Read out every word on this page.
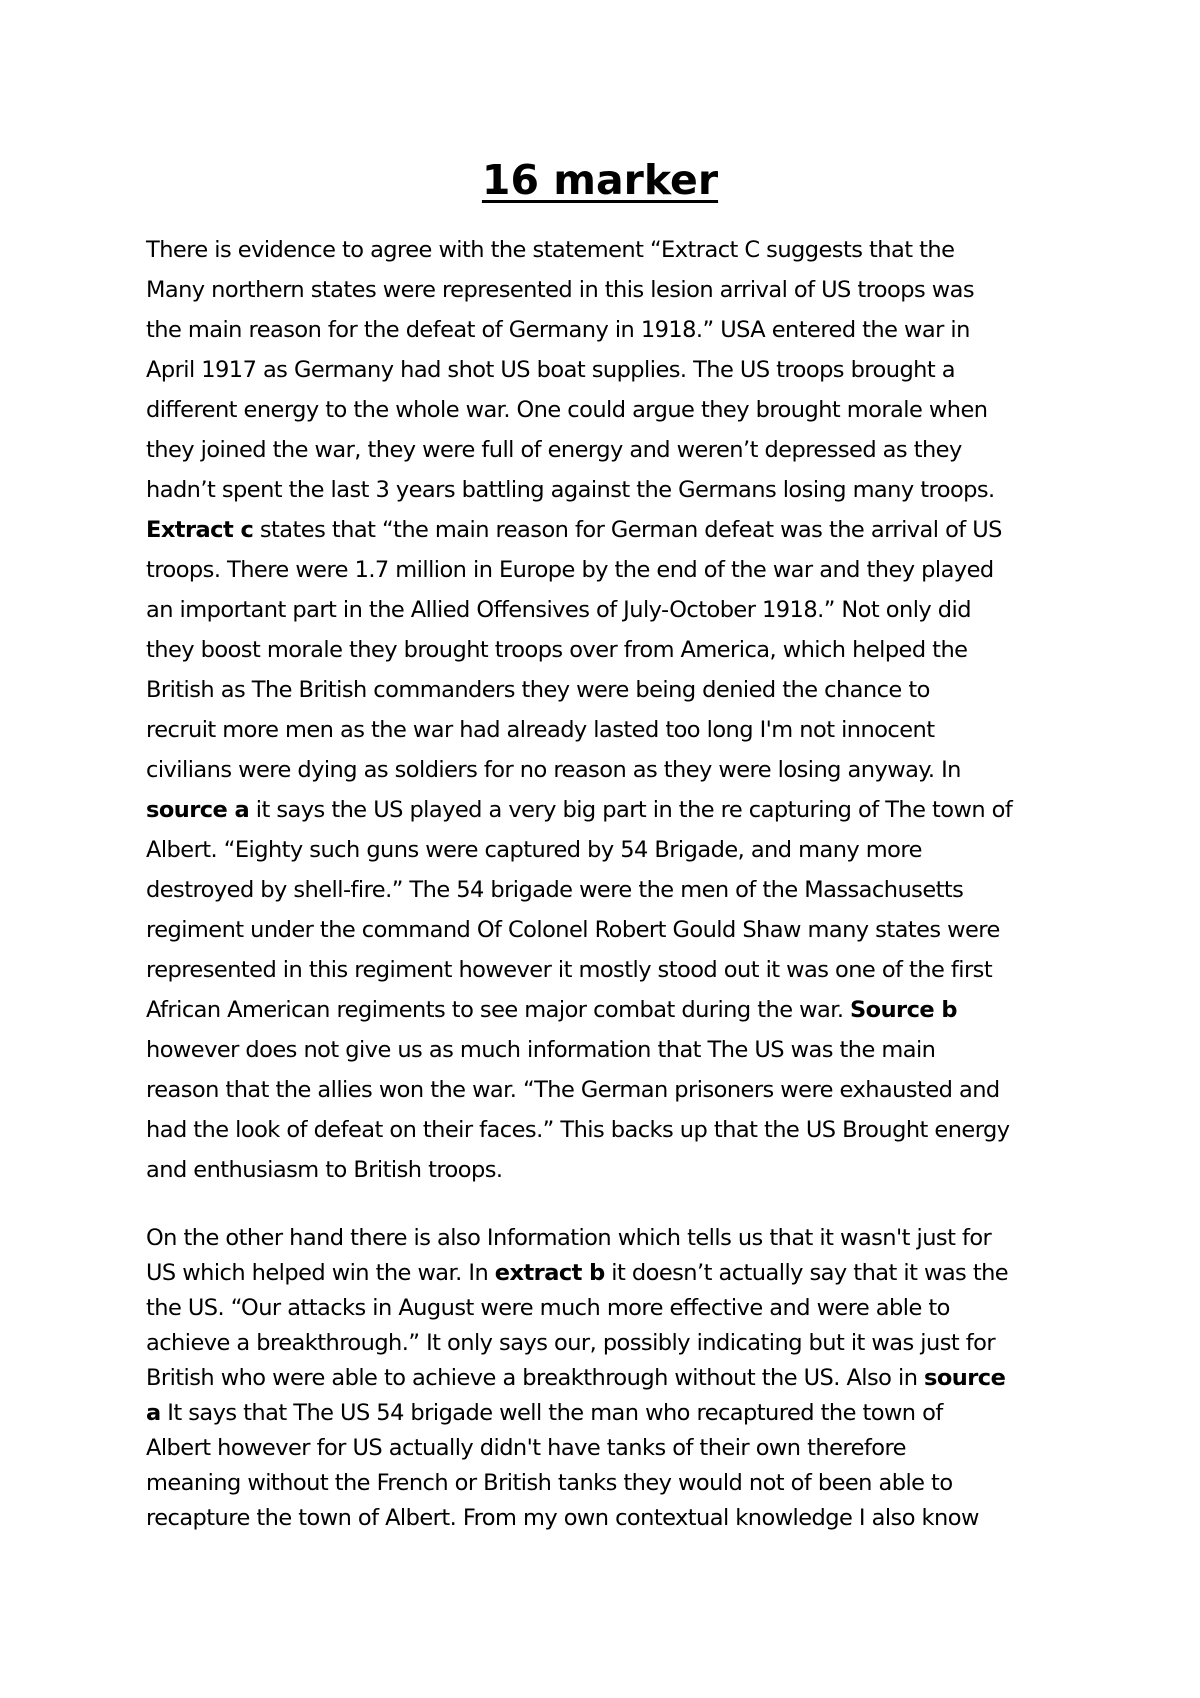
16 marker
There is evidence to agree with the statement “Extract C suggests that the
Many northern states were represented in this lesion arrival of US troops was
the main reason for the defeat of Germany in 1918.” USA entered the war in
April 1917 as Germany had shot US boat supplies. The US troops brought a
different energy to the whole war. One could argue they brought morale when
they joined the war, they were full of energy and weren’t depressed as they
hadn’t spent the last 3 years battling against the Germans losing many troops.
Extract c states that “the main reason for German defeat was the arrival of US
troops. There were 1.7 million in Europe by the end of the war and they played
an important part in the Allied Offensives of July-October 1918.” Not only did
they boost morale they brought troops over from America, which helped the
British as The British commanders they were being denied the chance to
recruit more men as the war had already lasted too long I'm not innocent
civilians were dying as soldiers for no reason as they were losing anyway. In
source a it says the US played a very big part in the re capturing of The town of
Albert. “Eighty such guns were captured by 54 Brigade, and many more
destroyed by shell-fire.” The 54 brigade were the men of the Massachusetts
regiment under the command Of Colonel Robert Gould Shaw many states were
represented in this regiment however it mostly stood out it was one of the first
African American regiments to see major combat during the war. Source b
however does not give us as much information that The US was the main
reason that the allies won the war. “The German prisoners were exhausted and
had the look of defeat on their faces.” This backs up that the US Brought energy
and enthusiasm to British troops.
On the other hand there is also Information which tells us that it wasn't just for
US which helped win the war. In extract b it doesn’t actually say that it was the
the US. “Our attacks in August were much more effective and were able to
achieve a breakthrough.” It only says our, possibly indicating but it was just for
British who were able to achieve a breakthrough without the US. Also in source
a It says that The US 54 brigade well the man who recaptured the town of
Albert however for US actually didn't have tanks of their own therefore
meaning without the French or British tanks they would not of been able to
recapture the town of Albert. From my own contextual knowledge I also know
